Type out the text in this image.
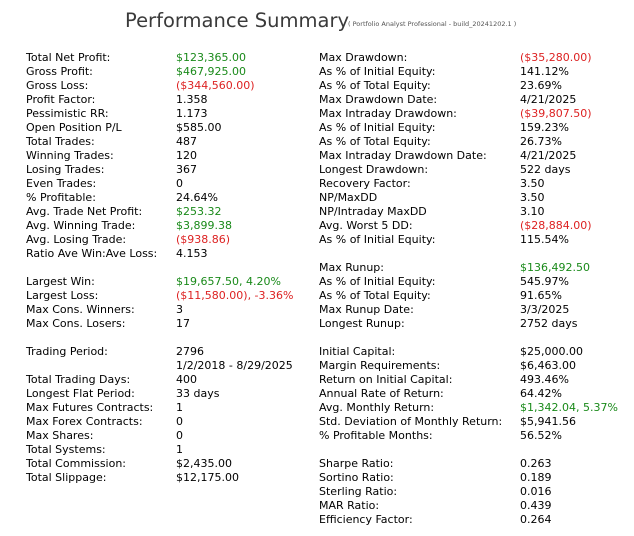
Performance Summary
( Portfolio Analyst Professional - build_20241202.1 )
Total Net Profit:	$123,365.00
Gross Profit:	$467,925.00
Gross Loss:	($344,560.00)
Profit Factor:	1.358
Pessimistic RR:	1.173
Open Position P/L	$585.00
Total Trades:	487
Winning Trades:	120
Losing Trades:	367
Even Trades:	0
% Profitable:	24.64%
Avg. Trade Net Profit:	$253.32
Avg. Winning Trade:	$3,899.38
Avg. Losing Trade:	($938.86)
Ratio Ave Win:Ave Loss: 4.153
Largest Win:	$19,657.50, 4.20%
Largest Loss:	($11,580.00), -3.36%
Max Cons. Winners:	3
Max Cons. Losers:	17
Trading Period:	2796
1/2/2018 - 8/29/2025
Total Trading Days:	400
Longest Flat Period:	33 days
Max Futures Contracts: 1
Max Forex Contracts:	0
Max Shares:	0
Total Systems:	1
Total Commission:	$2,435.00
Total Slippage:	$12,175.00
Max Drawdown:	($35,280.00)
As % of Initial Equity:	141.12%
As % of Total Equity:	23.69%
Max Drawdown Date:	4/21/2025
Max Intraday Drawdown:	($39,807.50)
As % of Initial Equity:	159.23%
As % of Total Equity:	26.73%
Max Intraday Drawdown Date:	4/21/2025
Longest Drawdown:	522 days
Recovery Factor:	3.50
NP/MaxDD	3.50
NP/Intraday MaxDD	3.10
Avg. Worst 5 DD:	($28,884.00)
As % of Initial Equity:	115.54%
Max Runup:	$136,492.50
As % of Initial Equity:	545.97%
As % of Total Equity:	91.65%
Max Runup Date:	3/3/2025
Longest Runup:	2752 days
Initial Capital:	$25,000.00
Margin Requirements:	$6,463.00
Return on Initial Capital:	493.46%
Annual Rate of Return:	64.42%
Avg. Monthly Return:	$1,342.04, 5.37%
Std. Deviation of Monthly Return: $5,941.56
% Profitable Months:	56.52%
Sharpe Ratio:	0.263
Sortino Ratio:	0.189
Sterling Ratio:	0.016
MAR Ratio:	0.439
Efficiency Factor:	0.264
